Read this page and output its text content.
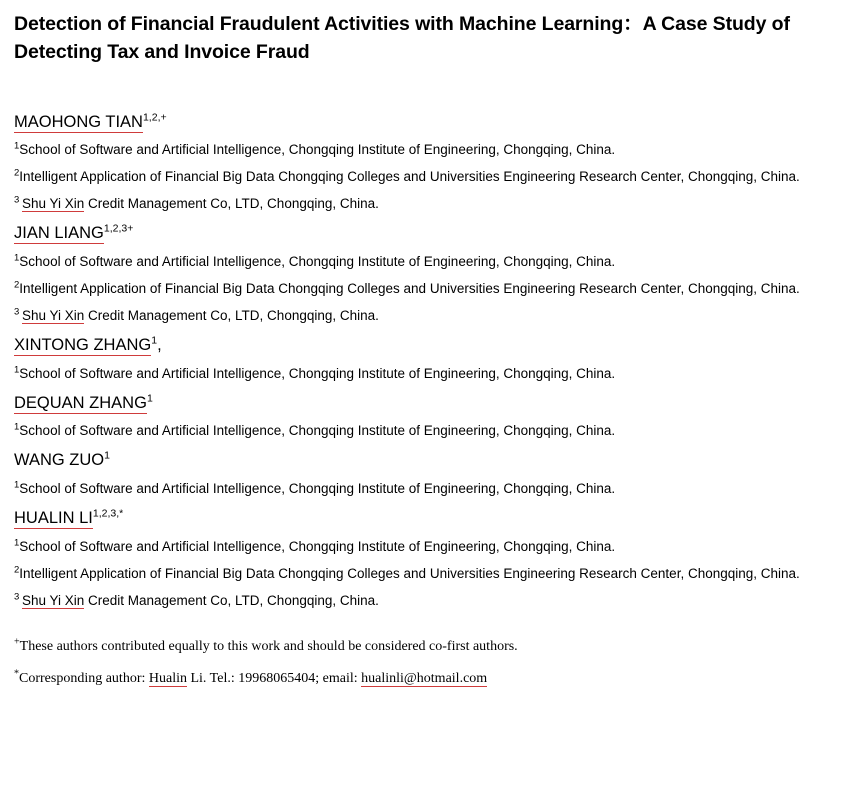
Detection of Financial Fraudulent Activities with Machine Learning：A Case Study of Detecting Tax and Invoice Fraud
MAOHONG $TIAN^{1,2,+}$
$^1$School of Software and Artificial Intelligence, Chongqing Institute of Engineering, Chongqing, China.
$^2$Intelligent Application of Financial Big Data Chongqing Colleges and Universities Engineering Research Center, Chongqing, China.
$^3$ Shu Yi Xin Credit Management Co, LTD, Chongqing, China.
JIAN $LIANG^{1,2,3+}$
$^1$School of Software and Artificial Intelligence, Chongqing Institute of Engineering, Chongqing, China.
$^2$Intelligent Application of Financial Big Data Chongqing Colleges and Universities Engineering Research Center, Chongqing, China.
$^3$ Shu Yi Xin Credit Management Co, LTD, Chongqing, China.
XINTONG ZHANG$^1$,
$^1$School of Software and Artificial Intelligence, Chongqing Institute of Engineering, Chongqing, China.
DEQUAN ZHANG$^1$
$^1$School of Software and Artificial Intelligence, Chongqing Institute of Engineering, Chongqing, China.
WANG ZUO$^1$
$^1$School of Software and Artificial Intelligence, Chongqing Institute of Engineering, Chongqing, China.
HUALIN $LI^{1,2,3,*}$
$^1$School of Software and Artificial Intelligence, Chongqing Institute of Engineering, Chongqing, China.
$^2$Intelligent Application of Financial Big Data Chongqing Colleges and Universities Engineering Research Center, Chongqing, China.
$^3$ Shu Yi Xin Credit Management Co, LTD, Chongqing, China.
+These authors contributed equally to this work and should be considered co-first authors.
*Corresponding author: Hualin Li. Tel.: 19968065404; email: hualinli@hotmail.com
